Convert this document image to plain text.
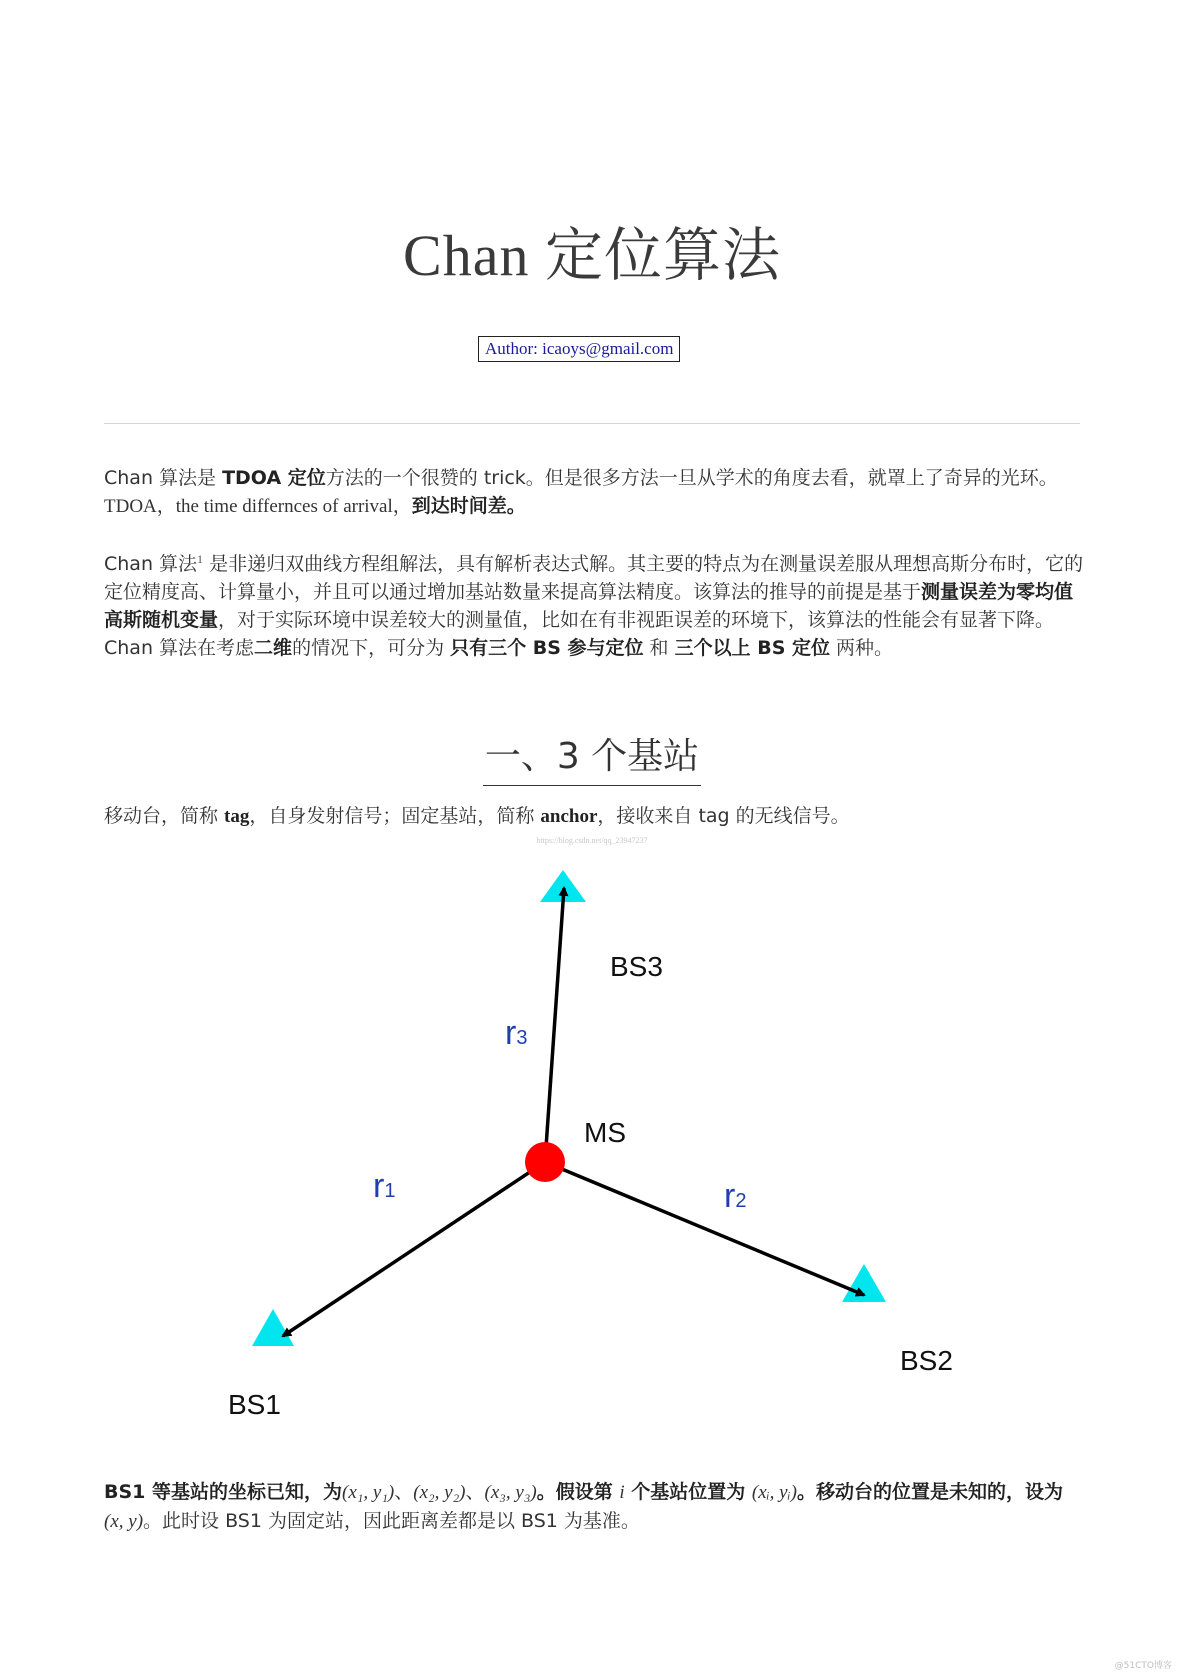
Chan 定位算法
Author: icaoys@gmail.com
Chan 算法是 TDOA 定位方法的一个很赞的 trick。但是很多方法一旦从学术的角度去看，就罩上了奇异的光环。
TDOA，the time differnces of arrival，到达时间差。
Chan 算法$^1$ 是非递归双曲线方程组解法，具有解析表达式解。其主要的特点为在测量误差服从理想高斯分布时，它的定位精度高、计算量小，并且可以通过增加基站数量来提高算法精度。该算法的推导的前提是基于测量误差为零均值高斯随机变量，对于实际环境中误差较大的测量值，比如在有非视距误差的环境下，该算法的性能会有显著下降。Chan 算法在考虑二维的情况下，可分为 只有三个 BS 参与定位 和 三个以上 BS 定位 两种。
一、3 个基站
移动台，简称 tag，自身发射信号；固定基站，简称 anchor，接收来自 tag 的无线信号。
https://blog.csdn.net/qq_23947237
BS3
BS2
BS1
MS
r3
r1	r2
BS1 等基站的坐标已知，为(x₁, y₁)、(x₂, y₂)、(x₃, y₃)。假设第 i 个基站位置为 (xᵢ, yᵢ)。移动台的位置是未知的，设为 (x, y)。此时设 BS1 为固定站，因此距离差都是以 BS1 为基准。
@51CTO博客
